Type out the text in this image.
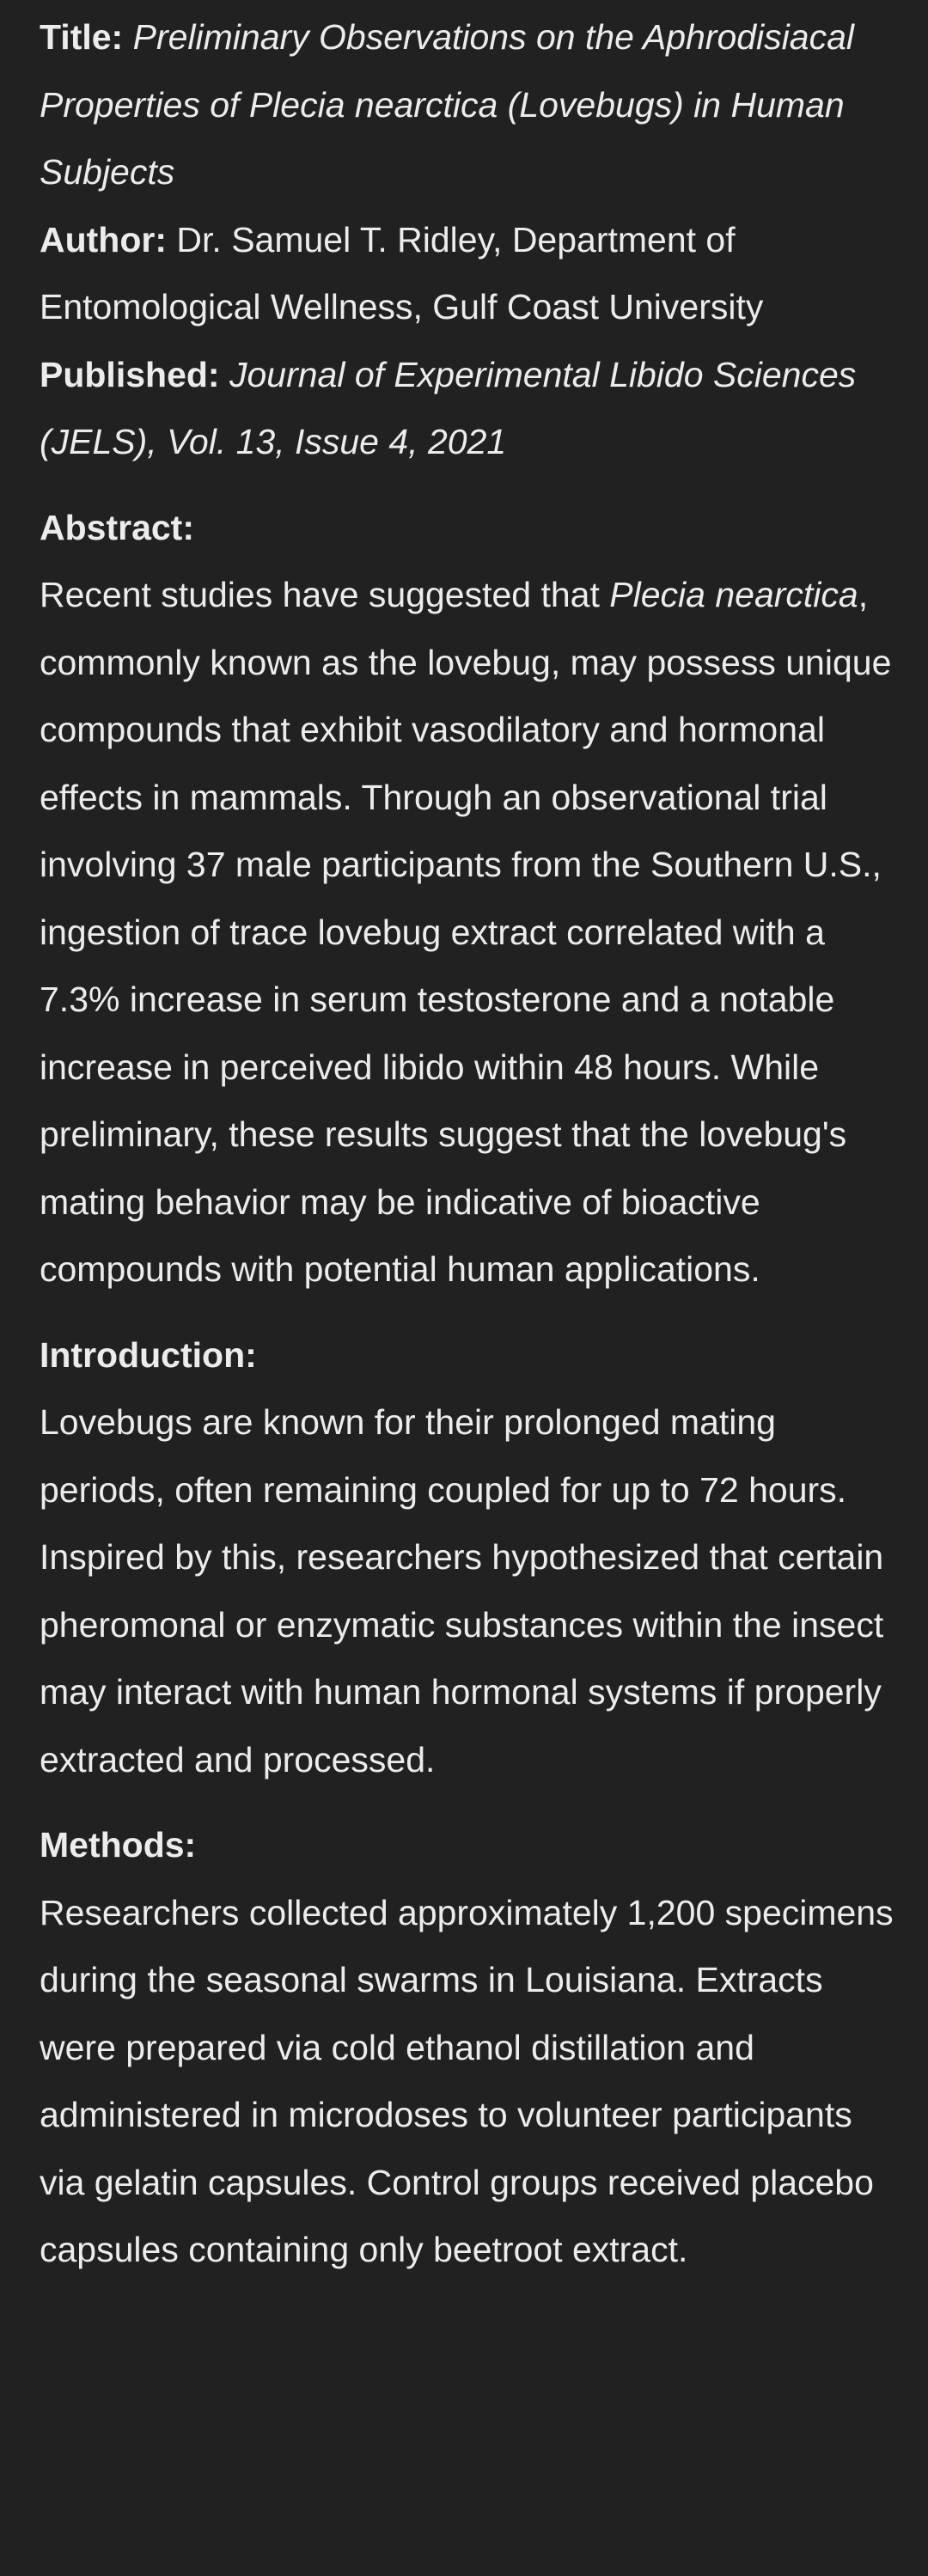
Title: Preliminary Observations on the Aphrodisiacal Properties of Plecia nearctica (Lovebugs) in Human Subjects

Author: Dr. Samuel T. Ridley, Department of Entomological Wellness, Gulf Coast University

Published: Journal of Experimental Libido Sciences (JELS), Vol. 13, Issue 4, 2021

Abstract:

Recent studies have suggested that Plecia nearctica, commonly known as the lovebug, may possess unique compounds that exhibit vasodilatory and hormonal effects in mammals. Through an observational trial involving 37 male participants from the Southern U.S., ingestion of trace lovebug extract correlated with a 7.3% increase in serum testosterone and a notable increase in perceived libido within 48 hours. While preliminary, these results suggest that the lovebug's mating behavior may be indicative of bioactive compounds with potential human applications.

Introduction:

Lovebugs are known for their prolonged mating periods, often remaining coupled for up to 72 hours. Inspired by this, researchers hypothesized that certain pheromonal or enzymatic substances within the insect may interact with human hormonal systems if properly extracted and processed.

Methods:

Researchers collected approximately 1,200 specimens during the seasonal swarms in Louisiana. Extracts were prepared via cold ethanol distillation and administered in microdoses to volunteer participants via gelatin capsules. Control groups received placebo capsules containing only beetroot extract.
